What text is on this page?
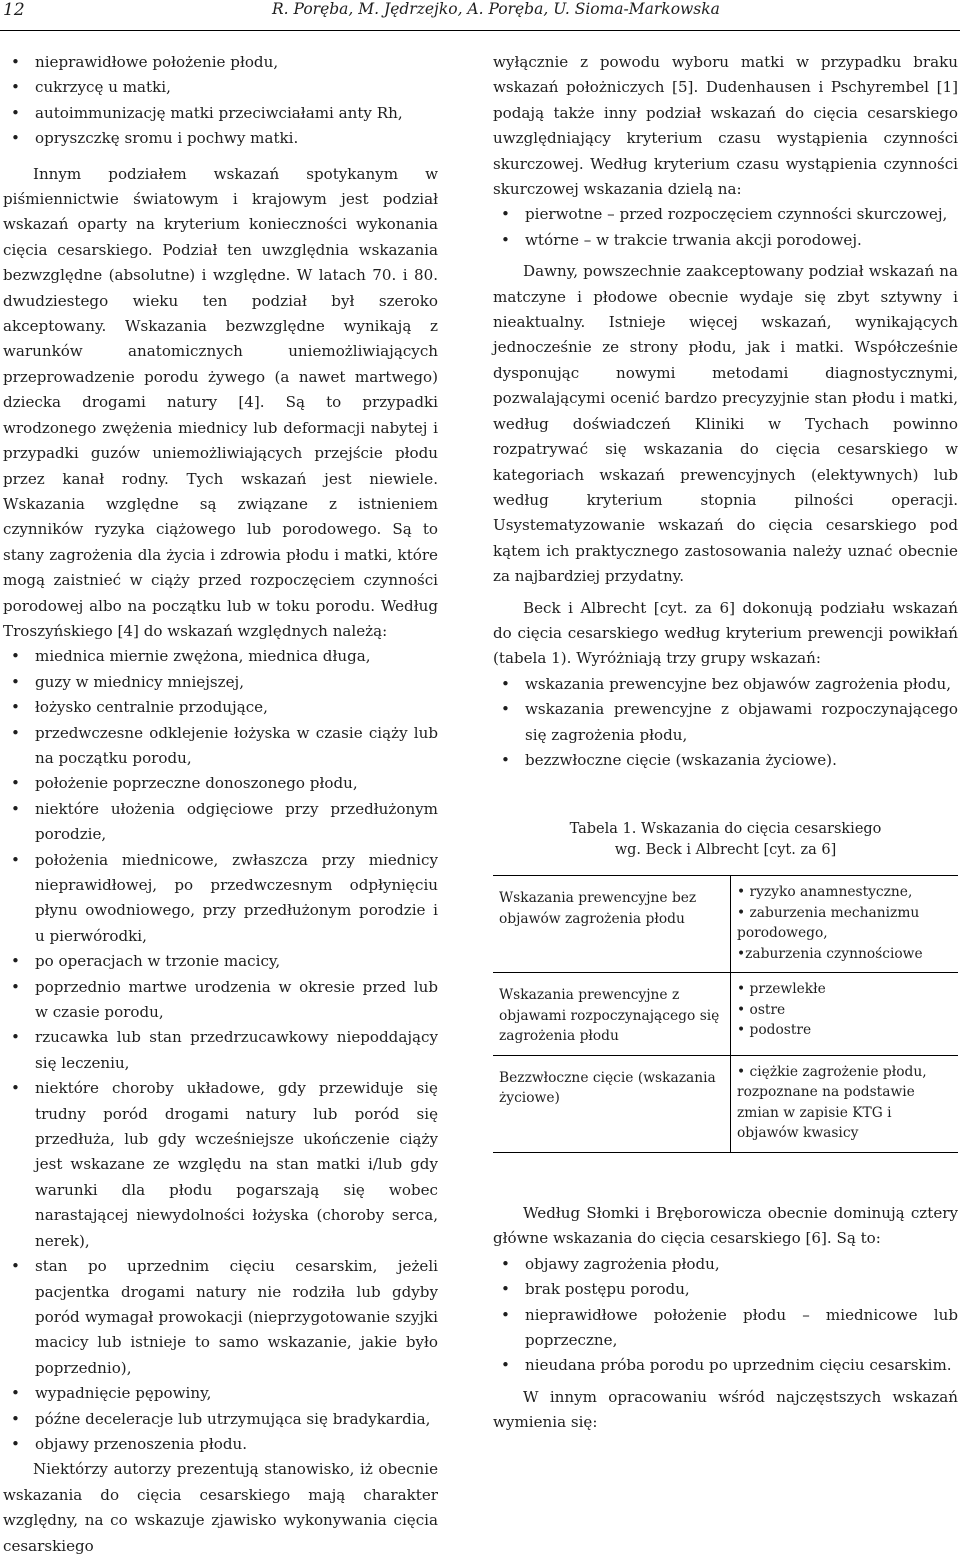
12	R. Poręba, M. Jędrzejko, A. Poręba, U. Sioma-Markowska
• nieprawidłowe położenie płodu,
• cukrzycę u matki,
• autoimmunizację matki przeciwciałami anty Rh,
• opryszczkę sromu i pochwy matki.

Innym podziałem wskazań spotykanym w piśmiennictwie światowym i krajowym jest podział wskazań oparty na kryterium konieczności wykonania cięcia cesarskiego. Podział ten uwzględnia wskazania bezwzględne (absolutne) i względne. W latach 70. i 80. dwudziestego wieku ten podział był szeroko akceptowany. Wskazania bezwzględne wynikają z warunków anatomicznych uniemożliwiających przeprowadzenie porodu żywego (a nawet martwego) dziecka drogami natury [4]. Są to przypadki wrodzonego zwężenia miednicy lub deformacji nabytej i przypadki guzów uniemożliwiających przejście płodu przez kanał rodny. Tych wskazań jest niewiele. Wskazania względne są związane z istnieniem czynników ryzyka ciążowego lub porodowego. Są to stany zagrożenia dla życia i zdrowia płodu i matki, które mogą zaistnieć w ciąży przed rozpoczęciem czynności porodowej albo na początku lub w toku porodu. Według Troszyńskiego [4] do wskazań względnych należą:

• miednica miernie zwężona, miednica długa,
• guzy w miednicy mniejszej,
• łożysko centralnie przodujące,
• przedwczesne odklejenie łożyska w czasie ciąży lub na początku porodu,
• położenie poprzeczne donoszonego płodu,
• niektóre ułożenia odgięciowe przy przedłużonym porodzie,
• położenia miednicowe, zwłaszcza przy miednicy nieprawidłowej, po przedwczesnym odpłynięciu płynu owodniowego, przy przedłużonym porodzie i u pierwórodki,
• po operacjach w trzonie macicy,
• poprzednio martwe urodzenia w okresie przed lub w czasie porodu,
• rzucawka lub stan przedrzucawkowy niepoddający się leczeniu,
• niektóre choroby układowe, gdy przewiduje się trudny poród drogami natury lub poród się przedłuża, lub gdy wcześniejsze ukończenie ciąży jest wskazane ze względu na stan matki i/lub gdy warunki dla płodu pogarszają się wobec narastającej niewydolności łożyska (choroby serca, nerek),
• stan po uprzednim cięciu cesarskim, jeżeli pacjentka drogami natury nie rodziła lub gdyby poród wymagał prowokacji (nieprzygotowanie szyjki macicy lub istnieje to samo wskazanie, jakie było poprzednio),
• wypadnięcie pępowiny,
• późne deceleracje lub utrzymująca się bradykardia,
• objawy przenoszenia płodu.

Niektórzy autorzy prezentują stanowisko, iż obecnie wskazania do cięcia cesarskiego mają charakter względny, na co wskazuje zjawisko wykonywania cięcia cesarskiego

wyłącznie z powodu wyboru matki w przypadku braku wskazań położniczych [5]. Dudenhausen i Pschyrembel [1] podają także inny podział wskazań do cięcia cesarskiego uwzględniający kryterium czasu wystąpienia czynności skurczowej. Według kryterium czasu wystąpienia czynności skurczowej wskazania dzielą na:

• pierwotne – przed rozpoczęciem czynności skurczowej,
• wtórne – w trakcie trwania akcji porodowej.

Dawny, powszechnie zaakceptowany podział wskazań na matczyne i płodowe obecnie wydaje się zbyt sztywny i nieaktualny. Istnieje więcej wskazań, wynikających jednocześnie ze strony płodu, jak i matki. Współcześnie dysponując nowymi metodami diagnostycznymi, pozwalającymi ocenić bardzo precyzyjnie stan płodu i matki, według doświadczeń Kliniki w Tychach powinno rozpatrywać się wskazania do cięcia cesarskiego w kategoriach wskazań prewencyjnych (elektywnych) lub według kryterium stopnia pilności operacji. Usystematyzowanie wskazań do cięcia cesarskiego pod kątem ich praktycznego zastosowania należy uznać obecnie za najbardziej przydatny.

Beck i Albrecht [cyt. za 6] dokonują podziału wskazań do cięcia cesarskiego według kryterium prewencji powikłań (tabela 1). Wyróżniają trzy grupy wskazań:

• wskazania prewencyjne bez objawów zagrożenia płodu,
• wskazania prewencyjne z objawami rozpoczynającego się zagrożenia płodu,
• bezzwłoczne cięcie (wskazania życiowe).
Tabela 1. Wskazania do cięcia cesarskiego
wg. Beck i Albrecht [cyt. za 6]
Wskazania prewencyjne bez objawów zagrożenia płodu	• ryzyko anamnestyczne,
• zaburzenia mechanizmu porodowego,
•zaburzenia czynnościowe

Wskazania prewencyjne z objawami rozpoczynającego się zagrożenia płodu	• przewlekłe
• ostre
• podostre

Bezzwłoczne cięcie (wskazania życiowe)	• ciężkie zagrożenie płodu, rozpoznane na podstawie zmian w zapisie KTG i objawów kwasicy

Według Słomki i Bręborowicza obecnie dominują cztery główne wskazania do cięcia cesarskiego [6]. Są to:

• objawy zagrożenia płodu,
• brak postępu porodu,
• nieprawidłowe położenie płodu – miednicowe lub poprzeczne,
• nieudana próba porodu po uprzednim cięciu cesarskim.

W innym opracowaniu wśród najczęstszych wskazań wymienia się:
